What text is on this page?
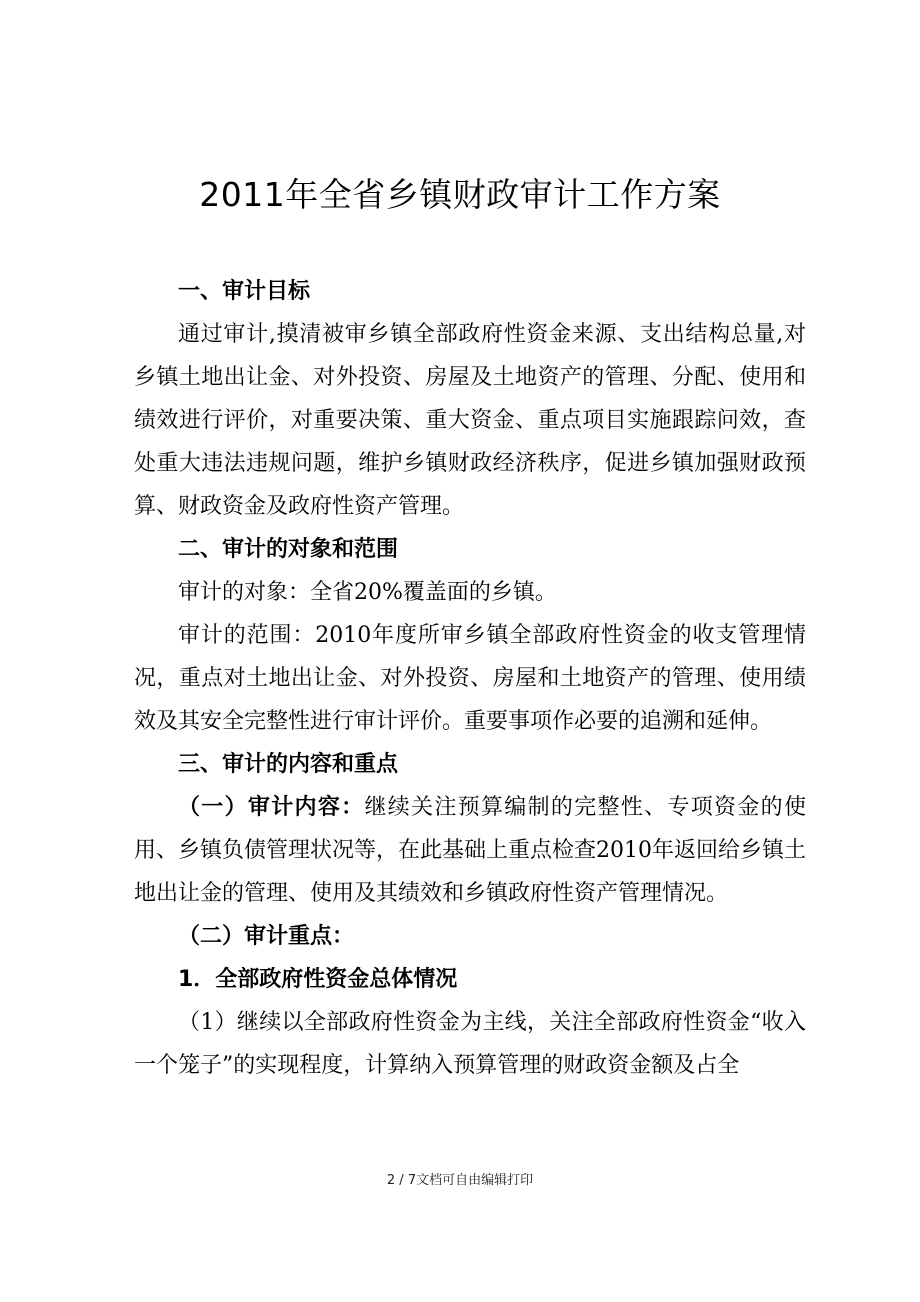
2011年全省乡镇财政审计工作方案

一、审计目标

通过审计,摸清被审乡镇全部政府性资金来源、支出结构总量,对乡镇土地出让金、对外投资、房屋及土地资产的管理、分配、使用和绩效进行评价，对重要决策、重大资金、重点项目实施跟踪问效，查处重大违法违规问题，维护乡镇财政经济秩序，促进乡镇加强财政预算、财政资金及政府性资产管理。

二、审计的对象和范围

审计的对象：全省20%覆盖面的乡镇。

审计的范围：2010年度所审乡镇全部政府性资金的收支管理情况，重点对土地出让金、对外投资、房屋和土地资产的管理、使用绩效及其安全完整性进行审计评价。重要事项作必要的追溯和延伸。

三、审计的内容和重点

（一）审计内容：继续关注预算编制的完整性、专项资金的使用、乡镇负债管理状况等，在此基础上重点检查2010年返回给乡镇土地出让金的管理、使用及其绩效和乡镇政府性资产管理情况。

（二）审计重点：

1．全部政府性资金总体情况

（1）继续以全部政府性资金为主线，关注全部政府性资金“收入一个笼子”的实现程度，计算纳入预算管理的财政资金额及占全

2 / 7文档可自由编辑打印
